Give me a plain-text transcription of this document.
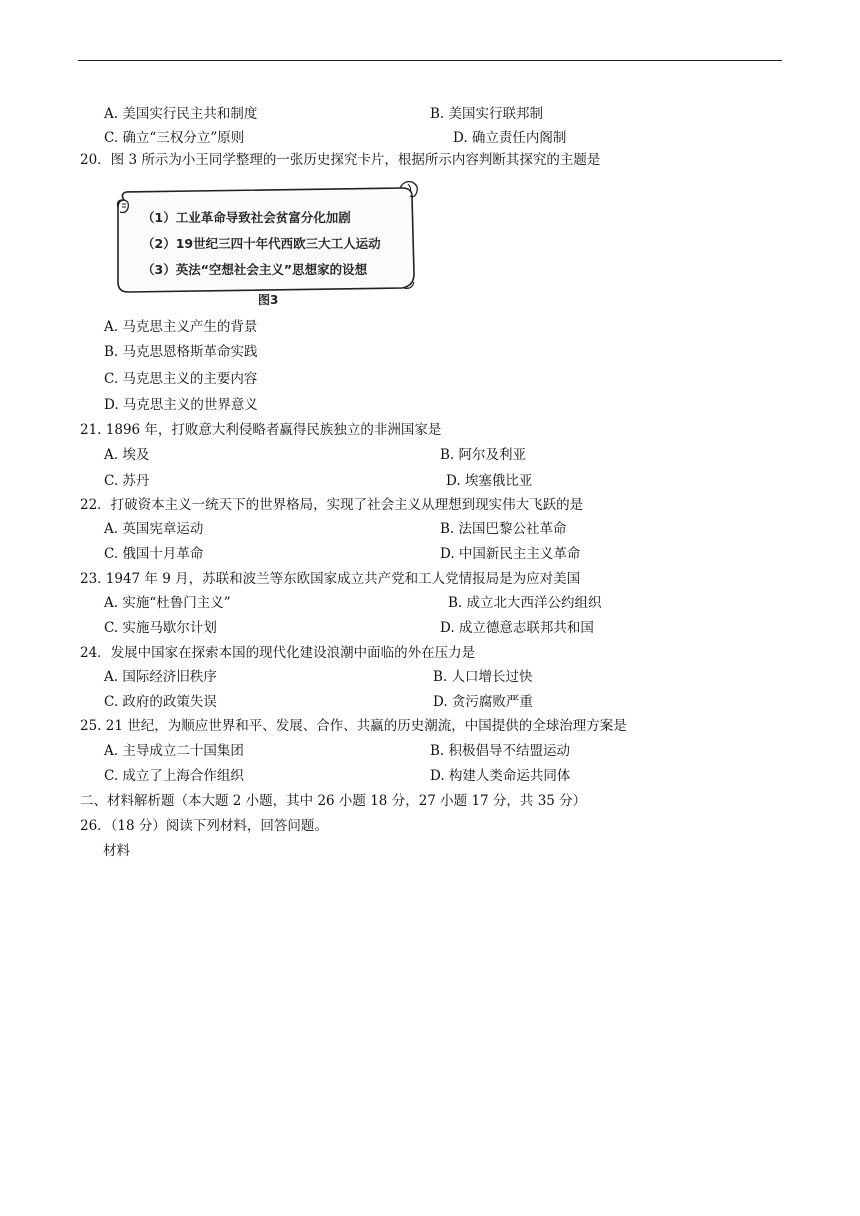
A. 美国实行民主共和制度	B. 美国实行联邦制
C. 确立“三权分立”原则	D. 确立责任内阁制
20．图 3 所示为小王同学整理的一张历史探究卡片，根据所示内容判断其探究的主题是
（1）工业革命导致社会贫富分化加剧
（2）19世纪三四十年代西欧三大工人运动
（3）英法“空想社会主义”思想家的设想
图3
A. 马克思主义产生的背景
B. 马克思恩格斯革命实践
C. 马克思主义的主要内容
D. 马克思主义的世界意义
21. 1896 年，打败意大利侵略者赢得民族独立的非洲国家是
A. 埃及	B. 阿尔及利亚
C. 苏丹	D. 埃塞俄比亚
22．打破资本主义一统天下的世界格局，实现了社会主义从理想到现实伟大飞跃的是
A. 英国宪章运动	B. 法国巴黎公社革命
C. 俄国十月革命	D. 中国新民主主义革命
23. 1947 年 9 月，苏联和波兰等东欧国家成立共产党和工人党情报局是为应对美国
A. 实施“杜鲁门主义”	B. 成立北大西洋公约组织
C. 实施马歇尔计划	D. 成立德意志联邦共和国
24．发展中国家在探索本国的现代化建设浪潮中面临的外在压力是
A. 国际经济旧秩序	B. 人口增长过快
C. 政府的政策失误	D. 贪污腐败严重
25. 21 世纪，为顺应世界和平、发展、合作、共赢的历史潮流，中国提供的全球治理方案是
A. 主导成立二十国集团	B. 积极倡导不结盟运动
C. 成立了上海合作组织	D. 构建人类命运共同体
二、材料解析题（本大题 2 小题，其中 26 小题 18 分，27 小题 17 分，共 35 分）
26．（18 分）阅读下列材料，回答问题。
材料
